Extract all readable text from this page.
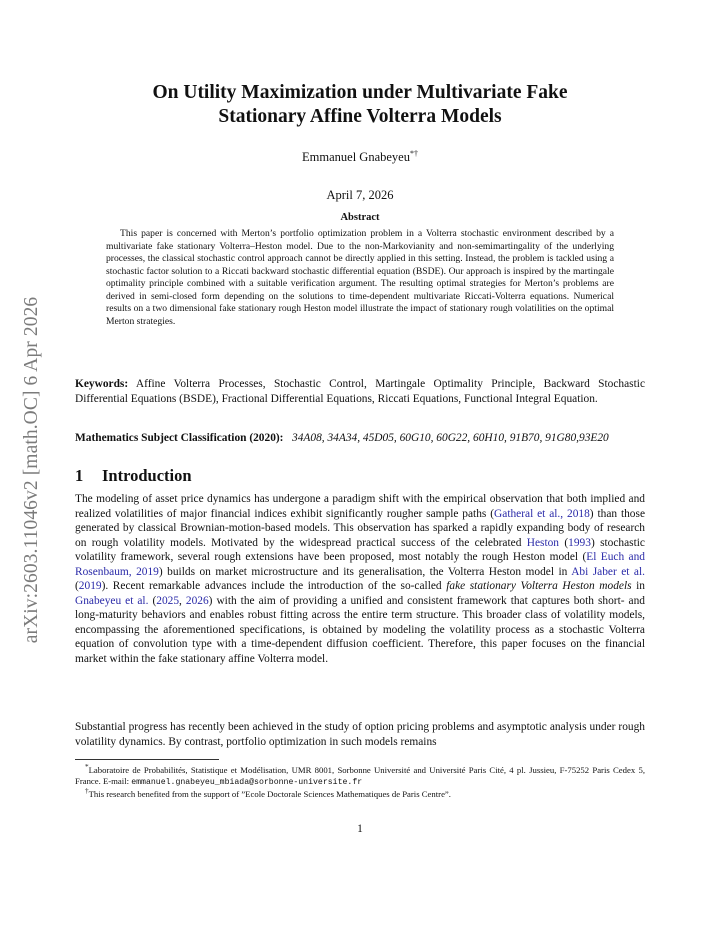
arXiv:2603.11046v2 [math.OC] 6 Apr 2026
On Utility Maximization under Multivariate Fake
Stationary Affine Volterra Models
Emmanuel Gnabeyeu*†
April 7, 2026
Abstract

This paper is concerned with Merton’s portfolio optimization problem in a Volterra stochastic environment described by a multivariate fake stationary Volterra–Heston model. Due to the non-Markovianity and non-semimartingality of the underlying processes, the classical stochastic control approach cannot be directly applied in this setting. Instead, the problem is tackled using a stochastic factor solution to a Riccati backward stochastic differential equation (BSDE). Our approach is inspired by the martingale optimality principle combined with a suitable verification argument. The resulting optimal strategies for Merton’s problems are derived in semi-closed form depending on the solutions to time-dependent multivariate Riccati-Volterra equations. Numerical results on a two dimensional fake stationary rough Heston model illustrate the impact of stationary rough volatilities on the optimal Merton strategies.

Keywords: Affine Volterra Processes, Stochastic Control, Martingale Optimality Principle, Backward Stochastic Differential Equations (BSDE), Fractional Differential Equations, Riccati Equations, Functional Integral Equation.

Mathematics Subject Classification (2020): 34A08, 34A34, 45D05, 60G10, 60G22, 60H10, 91B70, 91G80,93E20

1 Introduction

The modeling of asset price dynamics has undergone a paradigm shift with the empirical observation that both implied and realized volatilities of major financial indices exhibit significantly rougher sample paths (Gatheral et al., 2018) than those generated by classical Brownian-motion-based models. This observation has sparked a rapidly expanding body of research on rough volatility models. Motivated by the widespread practical success of the celebrated Heston (1993) stochastic volatility framework, several rough extensions have been proposed, most notably the rough Heston model (El Euch and Rosenbaum, 2019) builds on market microstructure and its generalisation, the Volterra Heston model in Abi Jaber et al. (2019). Recent remarkable advances include the introduction of the so-called fake stationary Volterra Heston models in Gnabeyeu et al. (2025, 2026) with the aim of providing a unified and consistent framework that captures both short- and long-maturity behaviors and enables robust fitting across the entire term structure. This broader class of volatility models, encompassing the aforementioned specifications, is obtained by modeling the volatility process as a stochastic Volterra equation of convolution type with a time-dependent diffusion coefficient. Therefore, this paper focuses on the financial market within the fake stationary affine Volterra model.

Substantial progress has recently been achieved in the study of option pricing problems and asymptotic analysis under rough volatility dynamics. By contrast, portfolio optimization in such models remains

*Laboratoire de Probabilités, Statistique et Modélisation, UMR 8001, Sorbonne Université and Université Paris Cité, 4 pl. Jussieu, F-75252 Paris Cedex 5, France. E-mail: emmanuel.gnabeyeu_mbiada@sorbonne-universite.fr

†This research benefited from the support of ”Ecole Doctorale Sciences Mathematiques de Paris Centre”.

1
